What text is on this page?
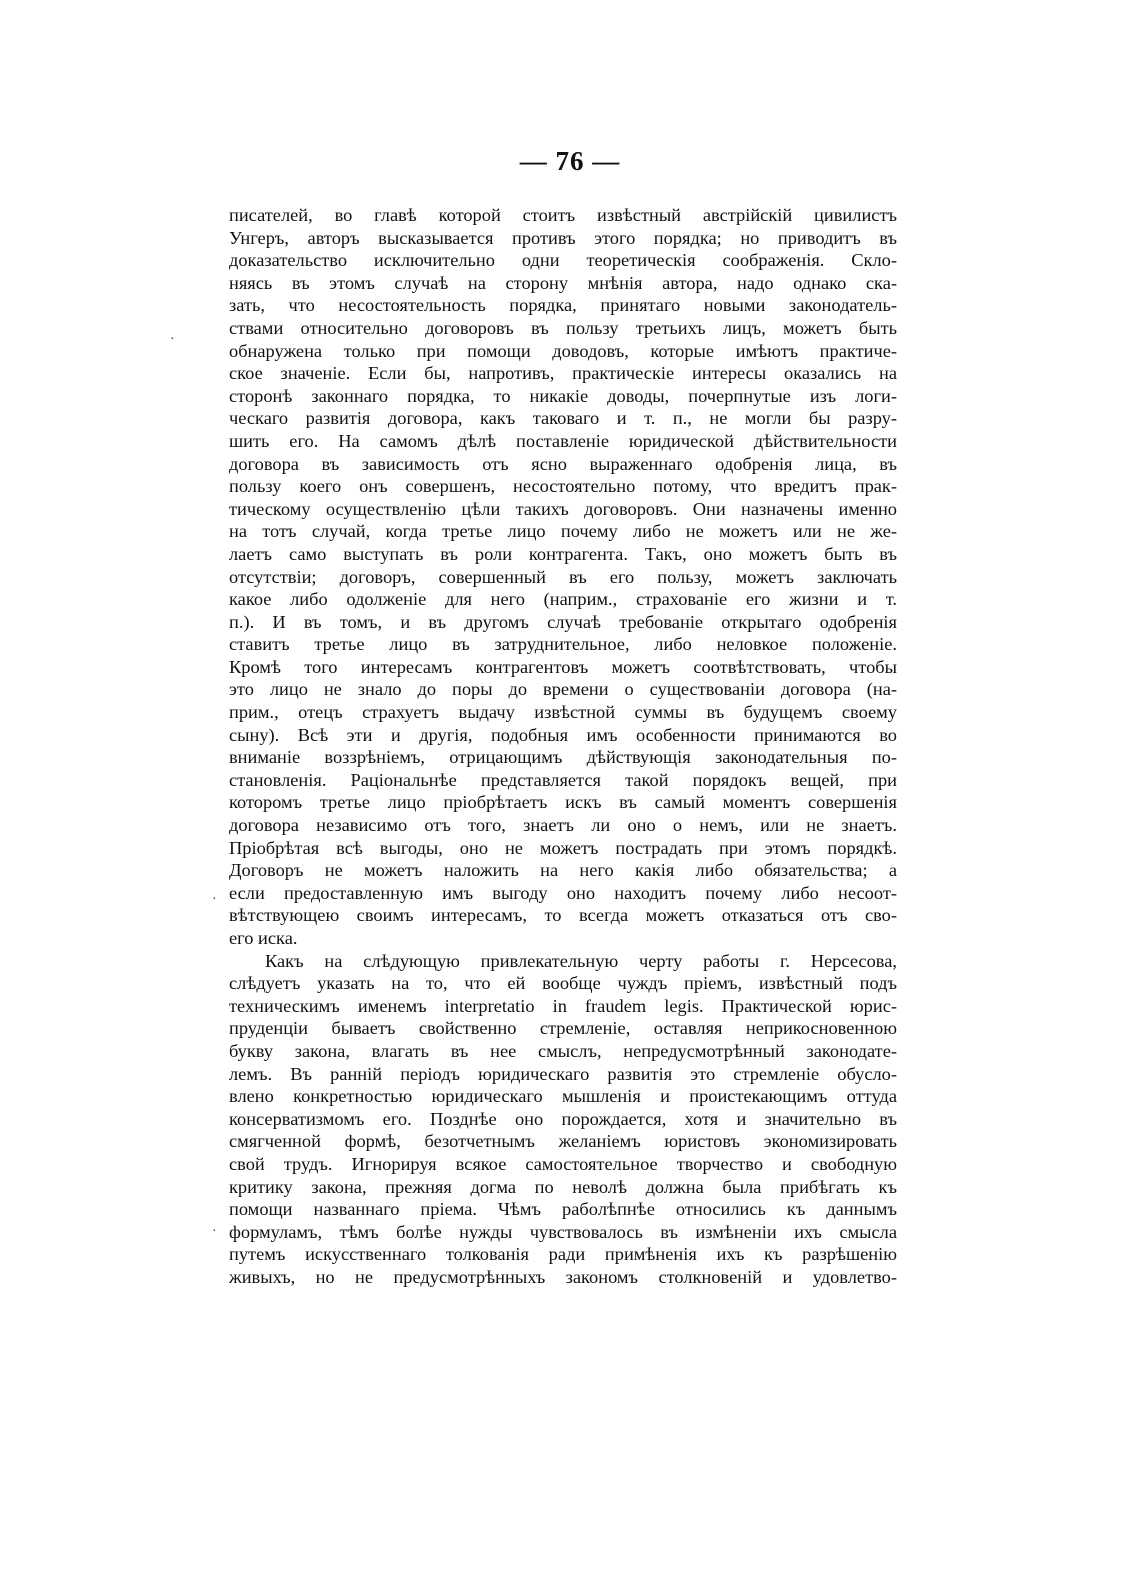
— 76 —
·
·
·
писателей, во главѣ которой стоитъ извѣстный австрійскій цивилистъ
Унгеръ, авторъ высказывается противъ этого порядка; но приводитъ въ
доказательство исключительно одни теоретическія соображенія. Скло-
няясь въ этомъ случаѣ на сторону мнѣнія автора, надо однако ска-
зать, что несостоятельность порядка, принятаго новыми законодатель-
ствами относительно договоровъ въ пользу третьихъ лицъ, можетъ быть
обнаружена только при помощи доводовъ, которые имѣютъ практиче-
ское значеніе. Если бы, напротивъ, практическіе интересы оказались на
сторонѣ законнаго порядка, то никакіе доводы, почерпнутые изъ логи-
ческаго развитія договора, какъ таковаго и т. п., не могли бы разру-
шить его. На самомъ дѣлѣ поставленіе юридической дѣйствительности
договора въ зависимость отъ ясно выраженнаго одобренія лица, въ
пользу коего онъ совершенъ, несостоятельно потому, что вредитъ прак-
тическому осуществленію цѣли такихъ договоровъ. Они назначены именно
на тотъ случай, когда третье лицо почему либо не можетъ или не же-
лаетъ само выступать въ роли контрагента. Такъ, оно можетъ быть въ
отсутствіи; договоръ, совершенный въ его пользу, можетъ заключать
какое либо одолженіе для него (наприм., страхованіе его жизни и т.
п.). И въ томъ, и въ другомъ случаѣ требованіе открытаго одобренія
ставитъ третье лицо въ затруднительное, либо неловкое положеніе.
Кромѣ того интересамъ контрагентовъ можетъ соотвѣтствовать, чтобы
это лицо не знало до поры до времени о существованіи договора (на-
прим., отецъ страхуетъ выдачу извѣстной суммы въ будущемъ своему
сыну). Всѣ эти и другія, подобныя имъ особенности принимаются во
вниманіе воззрѣніемъ, отрицающимъ дѣйствующія законодательныя по-
становленія. Раціональнѣе представляется такой порядокъ вещей, при
которомъ третье лицо пріобрѣтаетъ искъ въ самый моментъ совершенія
договора независимо отъ того, знаетъ ли оно о немъ, или не знаетъ.
Пріобрѣтая всѣ выгоды, оно не можетъ пострадать при этомъ порядкѣ.
Договоръ не можетъ наложить на него какія либо обязательства; а
если предоставленную имъ выгоду оно находитъ почему либо несоот-
вѣтствующею своимъ интересамъ, то всегда можетъ отказаться отъ сво-
его иска.
Какъ на слѣдующую привлекательную черту работы г. Нерсесова,
слѣдуетъ указать на то, что ей вообще чуждъ пріемъ, извѣстный подъ
техническимъ именемъ interpretatio in fraudem legis. Практической юрис-
пруденціи бываетъ свойственно стремленіе, оставляя неприкосновенною
букву закона, влагать въ нее смыслъ, непредусмотрѣнный законодате-
лемъ. Въ раннiй періодъ юридическаго развитія это стремленіе обусло-
влено конкретностью юридическаго мышленія и проистекающимъ оттуда
консерватизмомъ его. Позднѣе оно порождается, хотя и значительно въ
смягченной формѣ, безотчетнымъ желаніемъ юристовъ экономизировать
свой трудъ. Игнорируя всякое самостоятельное творчество и свободную
критику закона, прежняя догма по неволѣ должна была прибѣгать къ
помощи названнаго пріема. Чѣмъ рабoлѣпнѣе относились къ даннымъ
формуламъ, тѣмъ болѣе нужды чувствовалось въ измѣненіи ихъ смысла
путемъ искусственнаго толкованія ради примѣненія ихъ къ разрѣшенію
живыхъ, но не предусмотрѣнныхъ закономъ столкновеній и удовлетво-
